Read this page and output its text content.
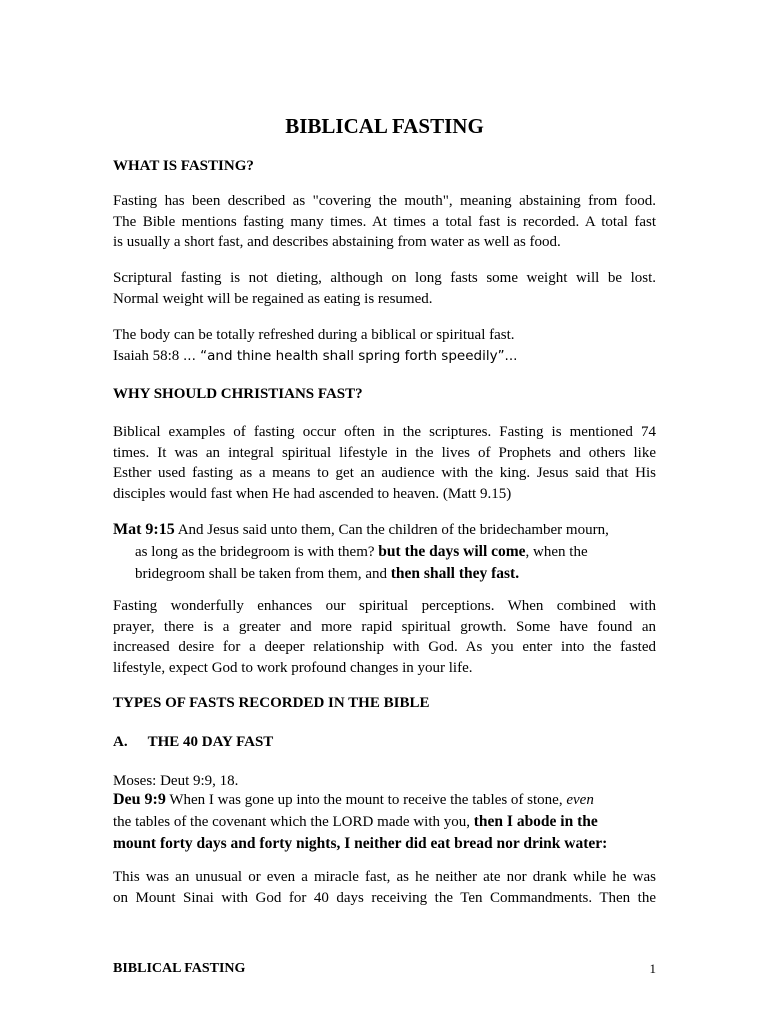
BIBLICAL FASTING
WHAT IS FASTING?
Fasting has been described as "covering the mouth", meaning abstaining from food.
The Bible mentions fasting many times. At times a total fast is recorded. A total fast
is usually a short fast, and describes abstaining from water as well as food.
Scriptural fasting is not dieting, although on long fasts some weight will be lost.
Normal weight will be regained as eating is resumed.
The body can be totally refreshed during a biblical or spiritual fast.
Isaiah 58:8 ... “and thine health shall spring forth speedily”...
WHY SHOULD CHRISTIANS FAST?
Biblical examples of fasting occur often in the scriptures. Fasting is mentioned 74
times. It was an integral spiritual lifestyle in the lives of Prophets and others like
Esther used fasting as a means to get an audience with the king. Jesus said that His
disciples would fast when He had ascended to heaven. (Matt 9.15)
Mat 9:15 And Jesus said unto them, Can the children of the bridechamber mourn,
as long as the bridegroom is with them? but the days will come, when the
bridegroom shall be taken from them, and then shall they fast.
Fasting wonderfully enhances our spiritual perceptions. When combined with
prayer, there is a greater and more rapid spiritual growth. Some have found an
increased desire for a deeper relationship with God. As you enter into the fasted
lifestyle, expect God to work profound changes in your life.
TYPES OF FASTS RECORDED IN THE BIBLE
A. THE 40 DAY FAST
Moses: Deut 9:9, 18.
Deu 9:9 When I was gone up into the mount to receive the tables of stone, even
the tables of the covenant which the LORD made with you, then I abode in the
mount forty days and forty nights, I neither did eat bread nor drink water:
This was an unusual or even a miracle fast, as he neither ate nor drank while he was
on Mount Sinai with God for 40 days receiving the Ten Commandments. Then the
BIBLICAL FASTING	1
